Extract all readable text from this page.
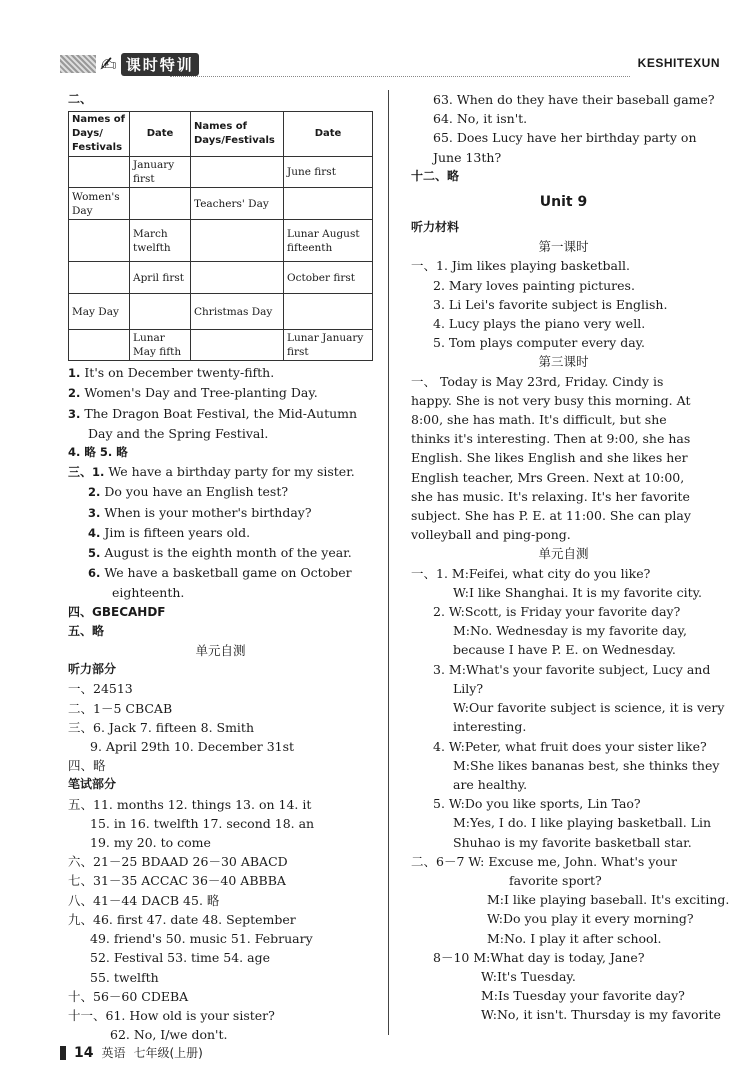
✍ 课时特训	KESHITEXUN
二、
Names of Days/ Festivals	Date	Names of Days/Festivals	Date
	January first		June first
Women's Day		Teachers' Day	
	March twelfth		Lunar August fifteenth
	April first		October first
May Day		Christmas Day	
	Lunar May fifth		Lunar January first
1. It's on December twenty-fifth.
2. Women's Day and Tree-planting Day.
3. The Dragon Boat Festival, the Mid-Autumn
Day and the Spring Festival.
4. 略 5. 略
三、1. We have a birthday party for my sister.
2. Do you have an English test?
3. When is your mother's birthday?
4. Jim is fifteen years old.
5. August is the eighth month of the year.
6. We have a basketball game on October
eighteenth.
四、GBECAHDF
五、略
单元自测
听力部分
一、24513
二、1－5 CBCAB
三、6. Jack 7. fifteen 8. Smith
9. April 29th 10. December 31st
四、略
笔试部分
五、11. months 12. things 13. on 14. it
15. in 16. twelfth 17. second 18. an
19. my 20. to come
六、21－25 BDAAD 26－30 ABACD
七、31－35 ACCAC 36－40 ABBBA
八、41－44 DACB 45. 略
九、46. first 47. date 48. September
49. friend's 50. music 51. February
52. Festival 53. time 54. age
55. twelfth
十、56－60 CDEBA
十一、61. How old is your sister?
62. No, I/we don't.
63. When do they have their baseball game?
64. No, it isn't.
65. Does Lucy have her birthday party on
June 13th?
十二、略
Unit 9
听力材料
第一课时
一、1. Jim likes playing basketball.
2. Mary loves painting pictures.
3. Li Lei's favorite subject is English.
4. Lucy plays the piano very well.
5. Tom plays computer every day.
第三课时
一、 Today is May 23rd, Friday. Cindy is
happy. She is not very busy this morning. At
8:00, she has math. It's difficult, but she
thinks it's interesting. Then at 9:00, she has
English. She likes English and she likes her
English teacher, Mrs Green. Next at 10:00,
she has music. It's relaxing. It's her favorite
subject. She has P. E. at 11:00. She can play
volleyball and ping-pong.
单元自测
一、1. M:Feifei, what city do you like?
W:I like Shanghai. It is my favorite city.
2. W:Scott, is Friday your favorite day?
M:No. Wednesday is my favorite day,
because I have P. E. on Wednesday.
3. M:What's your favorite subject, Lucy and
Lily?
W:Our favorite subject is science, it is very
interesting.
4. W:Peter, what fruit does your sister like?
M:She likes bananas best, she thinks they
are healthy.
5. W:Do you like sports, Lin Tao?
M:Yes, I do. I like playing basketball. Lin
Shuhao is my favorite basketball star.
二、6－7 W: Excuse me, John. What's your
favorite sport?
M:I like playing baseball. It's exciting.
W:Do you play it every morning?
M:No. I play it after school.
8－10 M:What day is today, Jane?
W:It's Tuesday.
M:Is Tuesday your favorite day?
W:No, it isn't. Thursday is my favorite
14 英语 七年级(上册)
